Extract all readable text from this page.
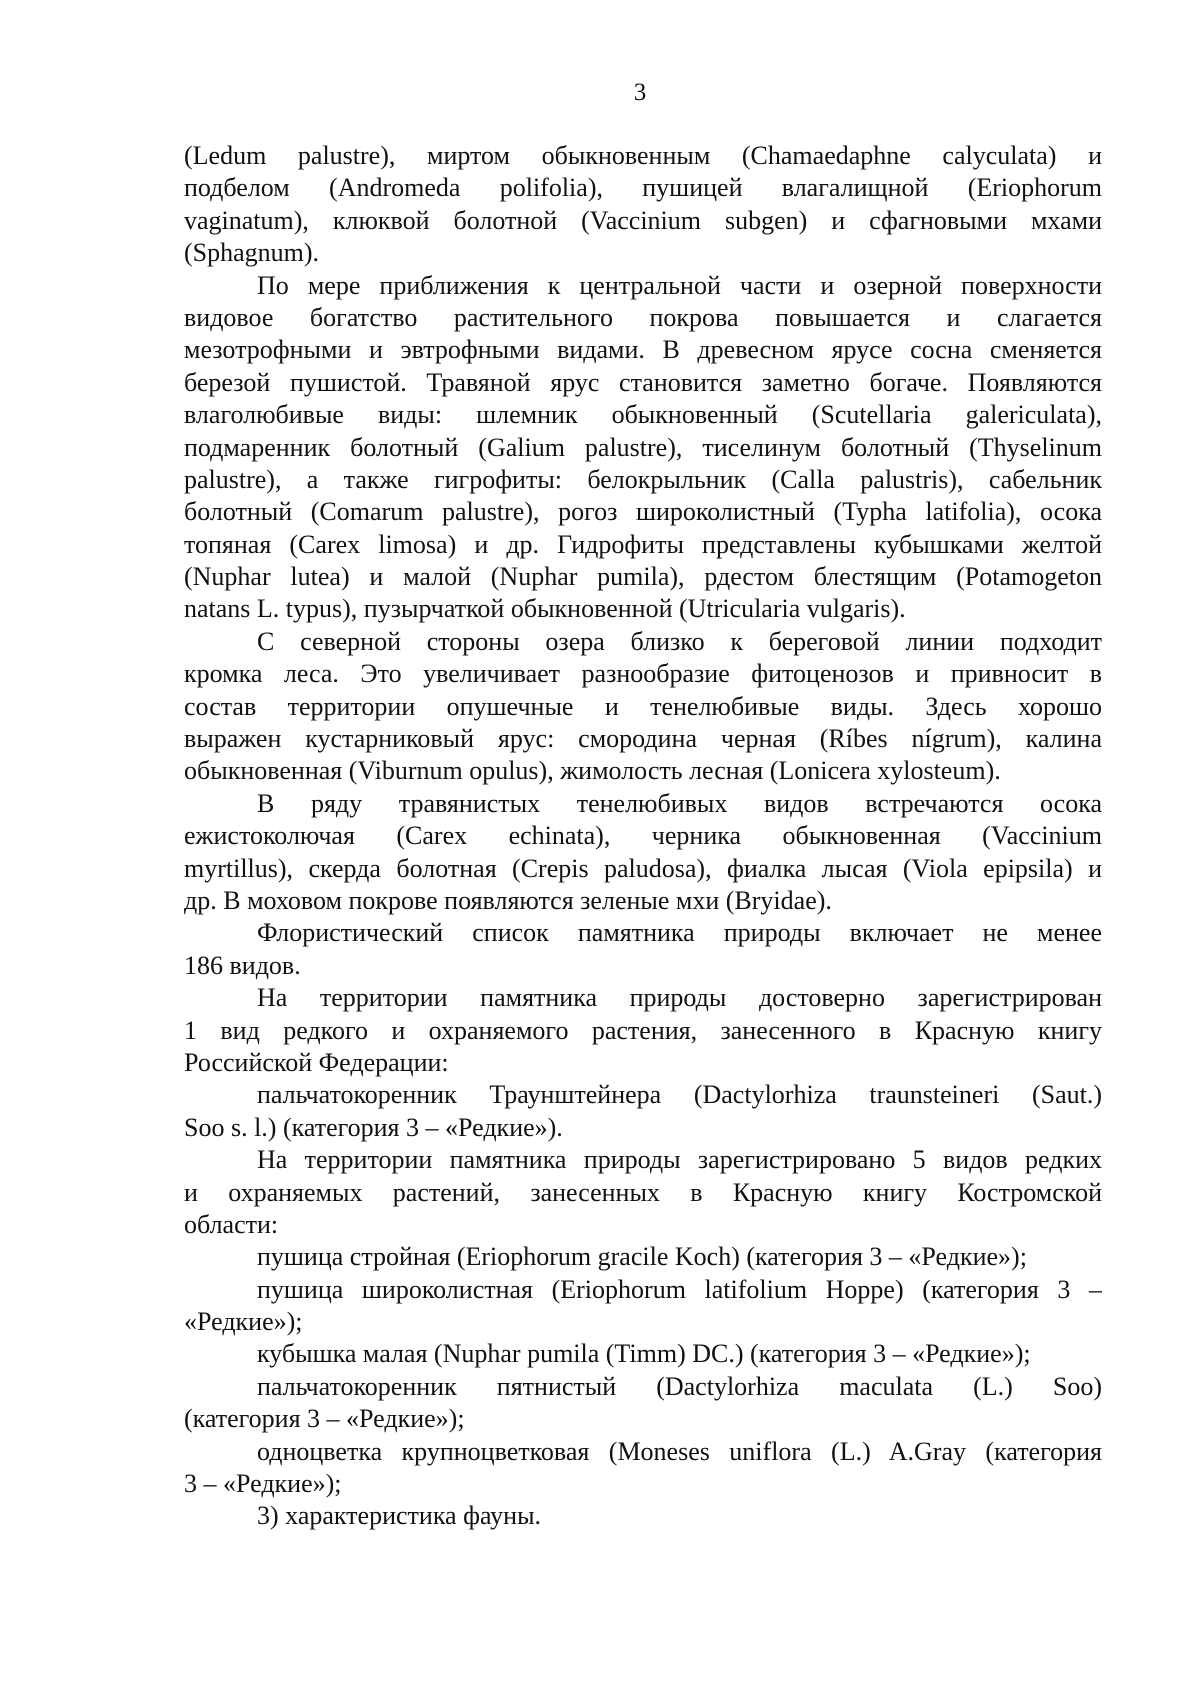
3
(Ledum palustre), миртом обыкновенным (Chamaedaphne calyculata) и
подбелом (Andromeda polifolia), пушицей влагалищной (Eriophorum
vaginatum), клюквой болотной (Vaccinium subgen) и сфагновыми мхами
(Sphagnum).
По мере приближения к центральной части и озерной поверхности
видовое богатство растительного покрова повышается и слагается
мезотрофными и эвтрофными видами. В древесном ярусе сосна сменяется
березой пушистой. Травяной ярус становится заметно богаче. Появляются
влаголюбивые виды: шлемник обыкновенный (Scutellaria galericulata),
подмаренник болотный (Galium palustre), тиселинум болотный (Thyselinum
palustre), а также гигрофиты: белокрыльник (Calla palustris), сабельник
болотный (Comarum palustre), рогоз широколистный (Typha latifolia), осока
топяная (Carex limosa) и др. Гидрофиты представлены кубышками желтой
(Nuphar lutea) и малой (Nuphar pumila), рдестом блестящим (Potamogeton
natans L. typus), пузырчаткой обыкновенной (Utricularia vulgaris).
С северной стороны озера близко к береговой линии подходит
кромка леса. Это увеличивает разнообразие фитоценозов и привносит в
состав территории опушечные и тенелюбивые виды. Здесь хорошо
выражен кустарниковый ярус: смородина черная (Ríbes nígrum), калина
обыкновенная (Viburnum opulus), жимолость лесная (Lonicera xylosteum).
В ряду травянистых тенелюбивых видов встречаются осока
ежистоколючая (Carex echinata), черника обыкновенная (Vaccinium
myrtillus), скерда болотная (Crepis paludosa), фиалка лысая (Viola epipsila) и
др. В моховом покрове появляются зеленые мхи (Bryidae).
Флористический список памятника природы включает не менее
186 видов.
На территории памятника природы достоверно зарегистрирован
1 вид редкого и охраняемого растения, занесенного в Красную книгу
Российской Федерации:
пальчатокоренник Траунштейнера (Dactylorhiza traunsteineri (Saut.)
Soo s. l.) (категория 3 – «Редкие»).
На территории памятника природы зарегистрировано 5 видов редких
и охраняемых растений, занесенных в Красную книгу Костромской
области:
пушица стройная (Eriophorum gracile Koch) (категория 3 – «Редкие»);
пушица широколистная (Eriophorum latifolium Hoppe) (категория 3 –
«Редкие»);
кубышка малая (Nuphar pumila (Timm) DC.) (категория 3 – «Редкие»);
пальчатокоренник пятнистый (Dactylorhiza maculata (L.) Soo)
(категория 3 – «Редкие»);
одноцветка крупноцветковая (Moneses uniflora (L.) A.Gray (категория
3 – «Редкие»);
3) характеристика фауны.
